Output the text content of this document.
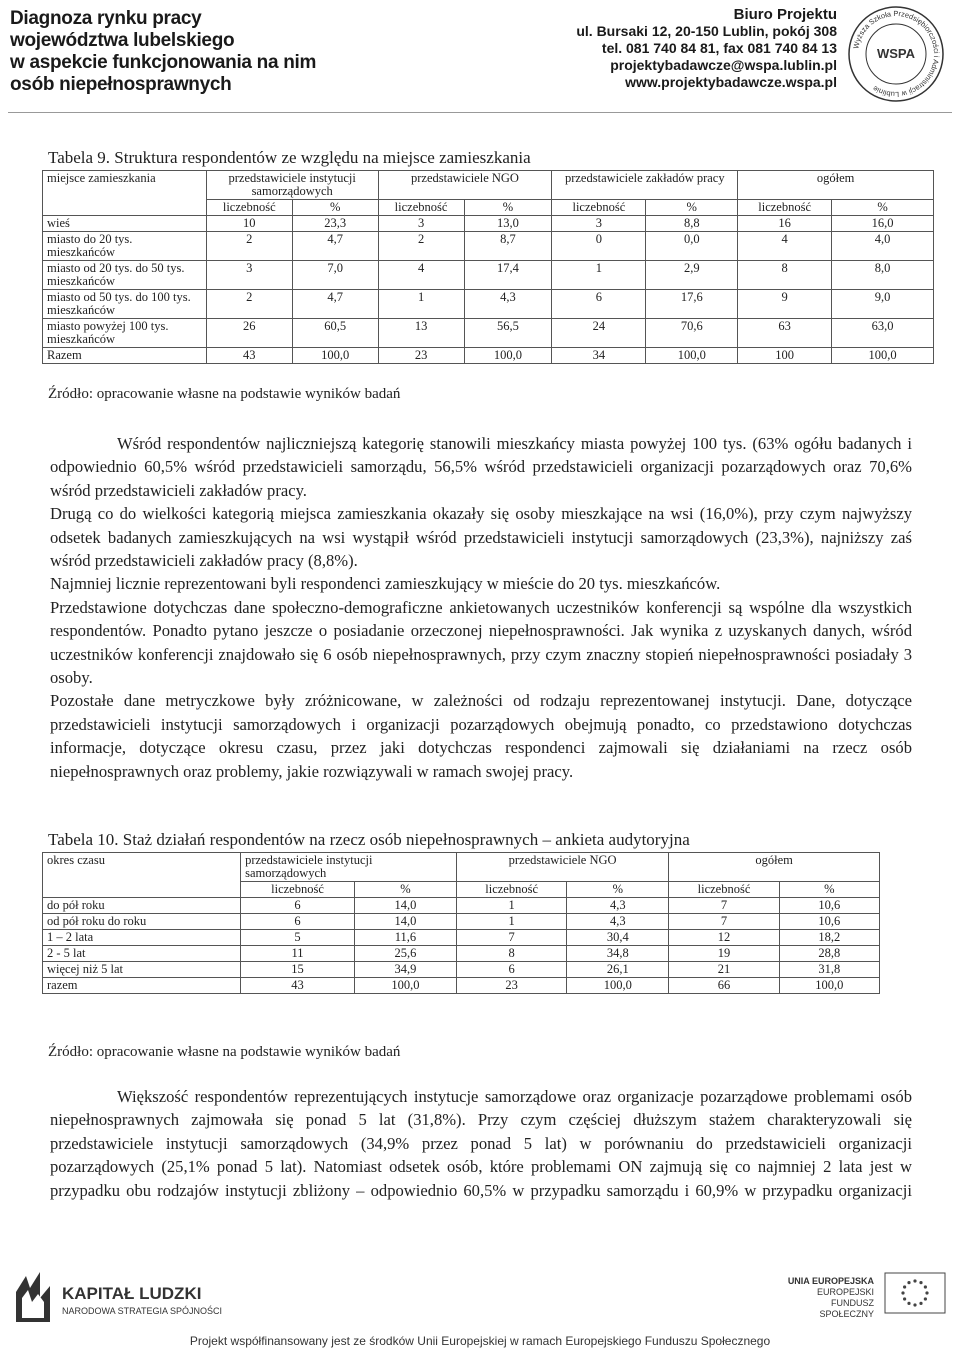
Diagnoza rynku pracy
województwa lubelskiego
w aspekcie funkcjonowania na nim
osób niepełnosprawnych
Biuro Projektu
ul. Bursaki 12, 20-150 Lublin, pokój 308
tel. 081 740 84 81, fax 081 740 84 13
projektybadawcze@wspa.lublin.pl
www.projektybadawcze.wspa.pl
Wyższa Szkoła Przedsiębiorczości i Administracji w Lublinie
WSPA
Tabela 9. Struktura respondentów ze względu na miejsce zamieszkania
miejsce zamieszkania	przedstawiciele instytucji samorządowych		przedstawiciele NGO		przedstawiciele zakładów pracy		ogółem	
	liczebność	%	liczebność	%	liczebność	%	liczebność	%
wieś	10	23,3	3	13,0	3	8,8	16	16,0
miasto do 20 tys. mieszkańców	2	4,7	2	8,7	0	0,0	4	4,0
miasto od 20 tys. do 50 tys. mieszkańców	3	7,0	4	17,4	1	2,9	8	8,0
miasto od 50 tys. do 100 tys. mieszkańców	2	4,7	1	4,3	6	17,6	9	9,0
miasto powyżej 100 tys. mieszkańców	26	60,5	13	56,5	24	70,6	63	63,0
Razem	43	100,0	23	100,0	34	100,0	100	100,0
Źródło: opracowanie własne na podstawie wyników badań

Wśród respondentów najliczniejszą kategorię stanowili mieszkańcy miasta powyżej 100 tys. (63% ogółu badanych i odpowiednio 60,5% wśród przedstawicieli samorządu, 56,5% wśród przedstawicieli organizacji pozarządowych oraz 70,6% wśród przedstawicieli zakładów pracy.

Drugą co do wielkości kategorią miejsca zamieszkania okazały się osoby mieszkające na wsi (16,0%), przy czym najwyższy odsetek badanych zamieszkujących na wsi wystąpił wśród przedstawicieli instytucji samorządowych (23,3%), najniższy zaś wśród przedstawicieli zakładów pracy (8,8%).

Najmniej licznie reprezentowani byli respondenci zamieszkujący w mieście do 20 tys. mieszkańców.

Przedstawione dotychczas dane społeczno-demograficzne ankietowanych uczestników konferencji są wspólne dla wszystkich respondentów. Ponadto pytano jeszcze o posiadanie orzeczonej niepełnosprawności. Jak wynika z uzyskanych danych, wśród uczestników konferencji znajdowało się 6 osób niepełnosprawnych, przy czym znaczny stopień niepełnosprawności posiadały 3 osoby.

Pozostałe dane metryczkowe były zróżnicowane, w zależności od rodzaju reprezentowanej instytucji. Dane, dotyczące przedstawicieli instytucji samorządowych i organizacji pozarządowych obejmują ponadto, co przedstawiono dotychczas informacje, dotyczące okresu czasu, przez jaki dotychczas respondenci zajmowali się działaniami na rzecz osób niepełnosprawnych oraz problemy, jakie rozwiązywali w ramach swojej pracy.

Tabela 10. Staż działań respondentów na rzecz osób niepełnosprawnych – ankieta audytoryjna
okres czasu	przedstawiciele instytucji samorządowych		przedstawiciele NGO		ogółem	
	liczebność	%	liczebność	%	liczebność	%
do pół roku	6	14,0	1	4,3	7	10,6
od pół roku do roku	6	14,0	1	4,3	7	10,6
1 – 2 lata	5	11,6	7	30,4	12	18,2
2 - 5 lat	11	25,6	8	34,8	19	28,8
więcej niż 5 lat	15	34,9	6	26,1	21	31,8
razem	43	100,0	23	100,0	66	100,0
Źródło: opracowanie własne na podstawie wyników badań

Większość respondentów reprezentujących instytucje samorządowe oraz organizacje pozarządowe problemami osób niepełnosprawnych zajmowała się ponad 5 lat (31,8%). Przy czym częściej dłuższym stażem charakteryzowali się przedstawiciele instytucji samorządowych (34,9% przez ponad 5 lat) w porównaniu do przedstawicieli organizacji pozarządowych (25,1% ponad 5 lat). Natomiast odsetek osób, które problemami ON zajmują się co najmniej 2 lata jest w przypadku obu rodzajów instytucji zbliżony – odpowiednio 60,5% w przypadku samorządu i 60,9% w przypadku organizacji

KAPITAŁ LUDZKI
NARODOWA STRATEGIA SPÓJNOŚCI
UNIA EUROPEJSKA
EUROPEJSKI
FUNDUSZ SPOŁECZNY
Projekt współfinansowany jest ze środków Unii Europejskiej w ramach Europejskiego Funduszu Społecznego
